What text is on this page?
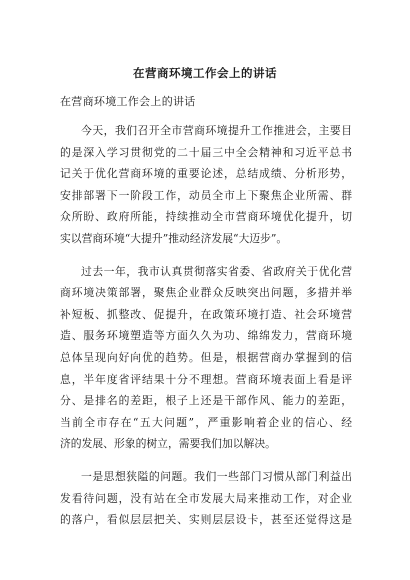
在营商环境工作会上的讲话
在营商环境工作会上的讲话
今天，我们召开全市营商环境提升工作推进会，主要目
的是深入学习贯彻党的二十届三中全会精神和习近平总书
记关于优化营商环境的重要论述，总结成绩、分析形势，
安排部署下一阶段工作，动员全市上下聚焦企业所需、群
众所盼、政府所能，持续推动全市营商环境优化提升，切
实以营商环境“大提升”推动经济发展“大迈步”。
过去一年，我市认真贯彻落实省委、省政府关于优化营
商环境决策部署，聚焦企业群众反映突出问题，多措并举
补短板、抓整改、促提升，在政策环境打造、社会环境营
造、服务环境塑造等方面久久为功、绵绵发力，营商环境
总体呈现向好向优的趋势。但是，根据营商办掌握到的信
息，半年度省评结果十分不理想。营商环境表面上看是评
分、是排名的差距，根子上还是干部作风、能力的差距，
当前全市存在“五大问题”，严重影响着企业的信心、经
济的发展、形象的树立，需要我们加以解决。
一是思想狭隘的问题。我们一些部门习惯从部门利益出
发看待问题，没有站在全市发展大局来推动工作，对企业
的落户，看似层层把关、实则层层设卡，甚至还觉得这是
